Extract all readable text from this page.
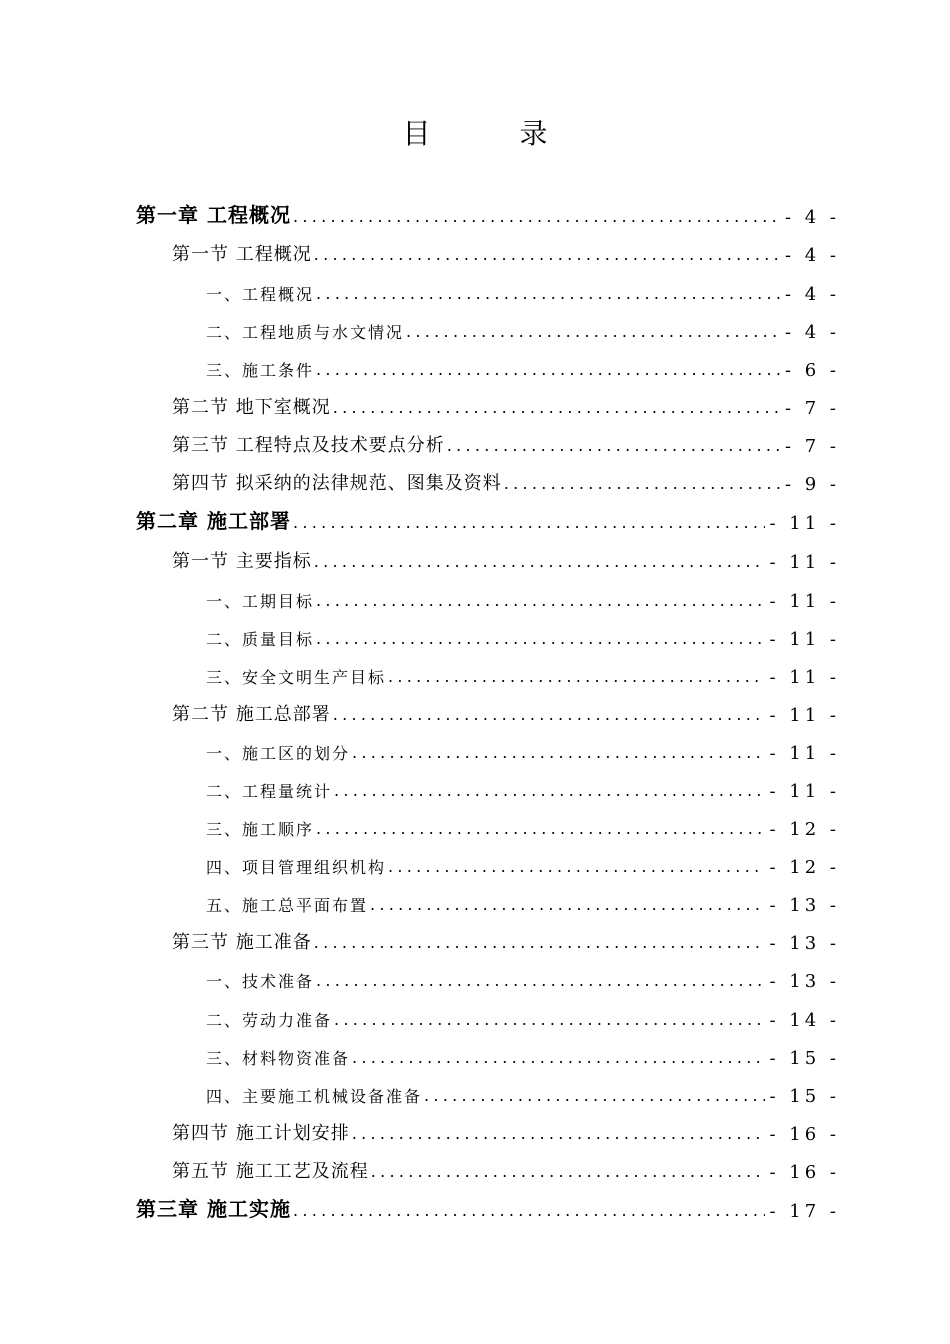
目 录
第一章 工程概况 .....	- 4 -
第一节 工程概况 .....	- 4 -
一、工程概况 .....	- 4 -
二、工程地质与水文情况 .....	- 4 -
三、施工条件 .....	- 6 -
第二节 地下室概况 .....	- 7 -
第三节 工程特点及技术要点分析 .....	- 7 -
第四节 拟采纳的法律规范、图集及资料 .....	- 9 -
第二章 施工部署 .....	- 11 -
第一节 主要指标 .....	- 11 -
一、工期目标 .....	- 11 -
二、质量目标 .....	- 11 -
三、安全文明生产目标 .....	- 11 -
第二节 施工总部署 .....	- 11 -
一、施工区的划分 .....	- 11 -
二、工程量统计 .....	- 11 -
三、施工顺序 .....	- 12 -
四、项目管理组织机构 .....	- 12 -
五、施工总平面布置 .....	- 13 -
第三节 施工准备 .....	- 13 -
一、技术准备 .....	- 13 -
二、劳动力准备 .....	- 14 -
三、材料物资准备 .....	- 15 -
四、主要施工机械设备准备 .....	- 15 -
第四节 施工计划安排 .....	- 16 -
第五节 施工工艺及流程 .....	- 16 -
第三章 施工实施 .....	- 17 -
